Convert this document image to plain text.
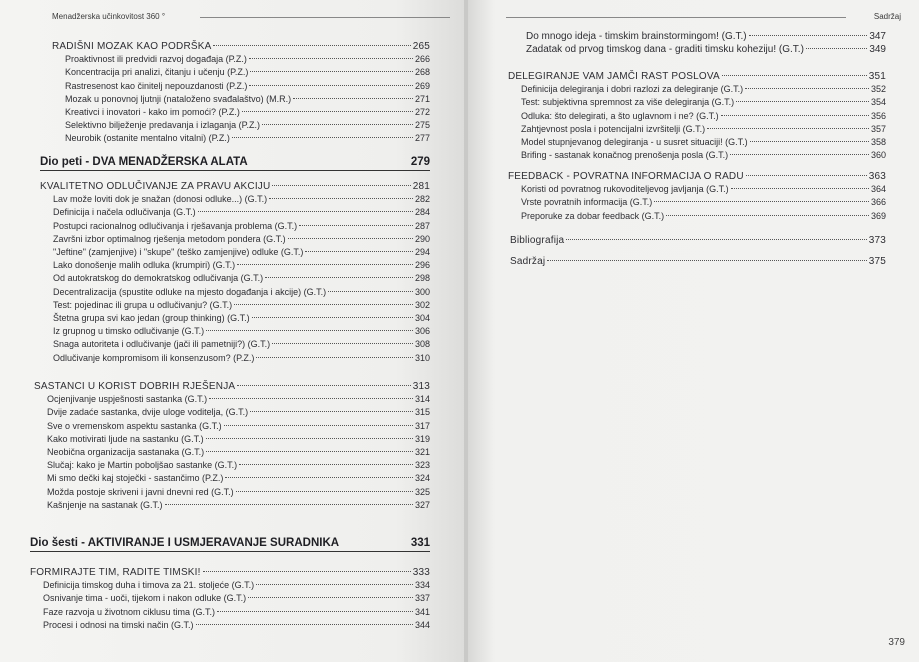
Menadžerska učinkovitost 360 °
RADIŠNI MOZAK KAO PODRŠKA	265
Proaktivnost ili predvidi razvoj događaja (P.Z.)	266
Koncentracija pri analizi, čitanju i učenju (P.Z.)	268
Rastresenost kao činitelj nepouzdanosti (P.Z.)	269
Mozak u ponovnoj ljutnji (nataloženo svađalaštvo) (M.R.)	271
Kreativci i inovatori - kako im pomoći? (P.Z.)	272
Selektivno bilježenje predavanja i izlaganja (P.Z.)	275
Neurobik (ostanite mentalno vitalni) (P.Z.)	277
Dio peti - DVA MENADŽERSKA ALATA	279
KVALITETNO ODLUČIVANJE ZA PRAVU AKCIJU	281
Lav može loviti dok je snažan (donosi odluke...) (G.T.)	282
Definicija i načela odlučivanja (G.T.)	284
Postupci racionalnog odlučivanja i rješavanja problema (G.T.)	287
Završni izbor optimalnog rješenja metodom pondera (G.T.)	290
"Jeftine" (zamjenjive) i "skupe" (teško zamjenjive) odluke (G.T.)	294
Lako donošenje malih odluka (krumpiri) (G.T.)	296
Od autokratskog do demokratskog odlučivanja (G.T.)	298
Decentralizacija (spustite odluke na mjesto događanja i akcije) (G.T.)	300
Test: pojedinac ili grupa u odlučivanju? (G.T.)	302
Štetna grupa svi kao jedan (group thinking) (G.T.)	304
Iz grupnog u timsko odlučivanje (G.T.)	306
Snaga autoriteta i odlučivanje (jači ili pametniji?) (G.T.)	308
Odlučivanje kompromisom ili konsenzusom? (P.Z.)	310
SASTANCI U KORIST DOBRIH RJEŠENJA	313
Ocjenjivanje uspješnosti sastanka (G.T.)	314
Dvije zadaće sastanka, dvije uloge voditelja, (G.T.)	315
Sve o vremenskom aspektu sastanka (G.T.)	317
Kako motivirati ljude na sastanku (G.T.)	319
Neobična organizacija sastanaka (G.T.)	321
Slučaj: kako je Martin poboljšao sastanke (G.T.)	323
Mi smo dečki kaj stoječki - sastančimo (P.Z.)	324
Možda postoje skriveni i javni dnevni red (G.T.)	325
Kašnjenje na sastanak (G.T.)	327
Dio šesti - AKTIVIRANJE I USMJERAVANJE SURADNIKA	331
FORMIRAJTE TIM, RADITE TIMSKI!	333
Definicija timskog duha i timova za 21. stoljeće (G.T.)	334
Osnivanje tima - uoči, tijekom i nakon odluke (G.T.)	337
Faze razvoja u životnom ciklusu tima (G.T.)	341
Procesi i odnosi na timski način (G.T.)	344
Sadržaj
Do mnogo ideja - timskim brainstormingom! (G.T.)	347
Zadatak od prvog timskog dana - graditi timsku koheziju! (G.T.)	349
DELEGIRANJE VAM JAMČI RAST POSLOVA	351
Definicija delegiranja i dobri razlozi za delegiranje (G.T.)	352
Test: subjektivna spremnost za više delegiranja (G.T.)	354
Odluka: što delegirati, a što uglavnom i ne? (G.T.)	356
Zahtjevnost posla i potencijalni izvršitelji (G.T.)	357
Model stupnjevanog delegiranja - u susret situaciji! (G.T.)	358
Brifing - sastanak konačnog prenošenja posla (G.T.)	360
FEEDBACK - POVRATNA INFORMACIJA O RADU	363
Koristi od povratnog rukovoditeljevog javljanja (G.T.)	364
Vrste povratnih informacija (G.T.)	366
Preporuke za dobar feedback (G.T.)	369
Bibliografija	373
Sadržaj	375
379
